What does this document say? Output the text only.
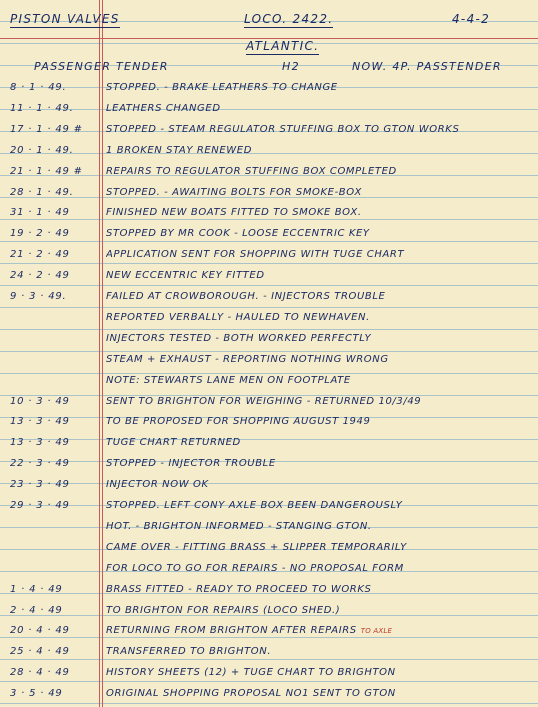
PISTON VALVES	LOCO. 2422.	4-4-2
ATLANTIC.
PASSENGER TENDER	H2	NOW. 4P. PASSTENDER
8 · 1 · 49.	STOPPED. - BRAKE LEATHERS TO CHANGE
11 · 1 · 49.	LEATHERS CHANGED
17 · 1 · 49 #	STOPPED - STEAM REGULATOR STUFFING BOX TO GTON WORKS
20 · 1 · 49.	1 BROKEN STAY RENEWED
21 · 1 · 49 #	REPAIRS TO REGULATOR STUFFING BOX COMPLETED
28 · 1 · 49.	STOPPED. - AWAITING BOLTS FOR SMOKE-BOX
31 · 1 · 49	FINISHED NEW BOATS FITTED TO SMOKE BOX.
19 · 2 · 49	STOPPED BY MR COOK - LOOSE ECCENTRIC KEY
21 · 2 · 49	APPLICATION SENT FOR SHOPPING WITH TUGE CHART
24 · 2 · 49	NEW ECCENTRIC KEY FITTED
9 · 3 · 49.	FAILED AT CROWBOROUGH. - INJECTORS TROUBLE
REPORTED VERBALLY - HAULED TO NEWHAVEN.
INJECTORS TESTED - BOTH WORKED PERFECTLY
STEAM + EXHAUST - REPORTING NOTHING WRONG
NOTE: STEWARTS LANE MEN ON FOOTPLATE
10 · 3 · 49	SENT TO BRIGHTON FOR WEIGHING - RETURNED 10/3/49
13 · 3 · 49	TO BE PROPOSED FOR SHOPPING AUGUST 1949
13 · 3 · 49	TUGE CHART RETURNED
22 · 3 · 49	STOPPED - INJECTOR TROUBLE
23 · 3 · 49	INJECTOR NOW OK
29 · 3 · 49	STOPPED. LEFT CONY AXLE BOX BEEN DANGEROUSLY
HOT. - BRIGHTON INFORMED - STANGING GTON.
CAME OVER - FITTING BRASS + SLIPPER TEMPORARILY
FOR LOCO TO GO FOR REPAIRS - NO PROPOSAL FORM
1 · 4 · 49	BRASS FITTED - READY TO PROCEED TO WORKS
2 · 4 · 49	TO BRIGHTON FOR REPAIRS (LOCO SHED.)
20 · 4 · 49	RETURNING FROM BRIGHTON AFTER REPAIRS TO AXLE
25 · 4 · 49	TRANSFERRED TO BRIGHTON.
28 · 4 · 49	HISTORY SHEETS (12) + TUGE CHART TO BRIGHTON
3 · 5 · 49	ORIGINAL SHOPPING PROPOSAL NO1 SENT TO GTON
